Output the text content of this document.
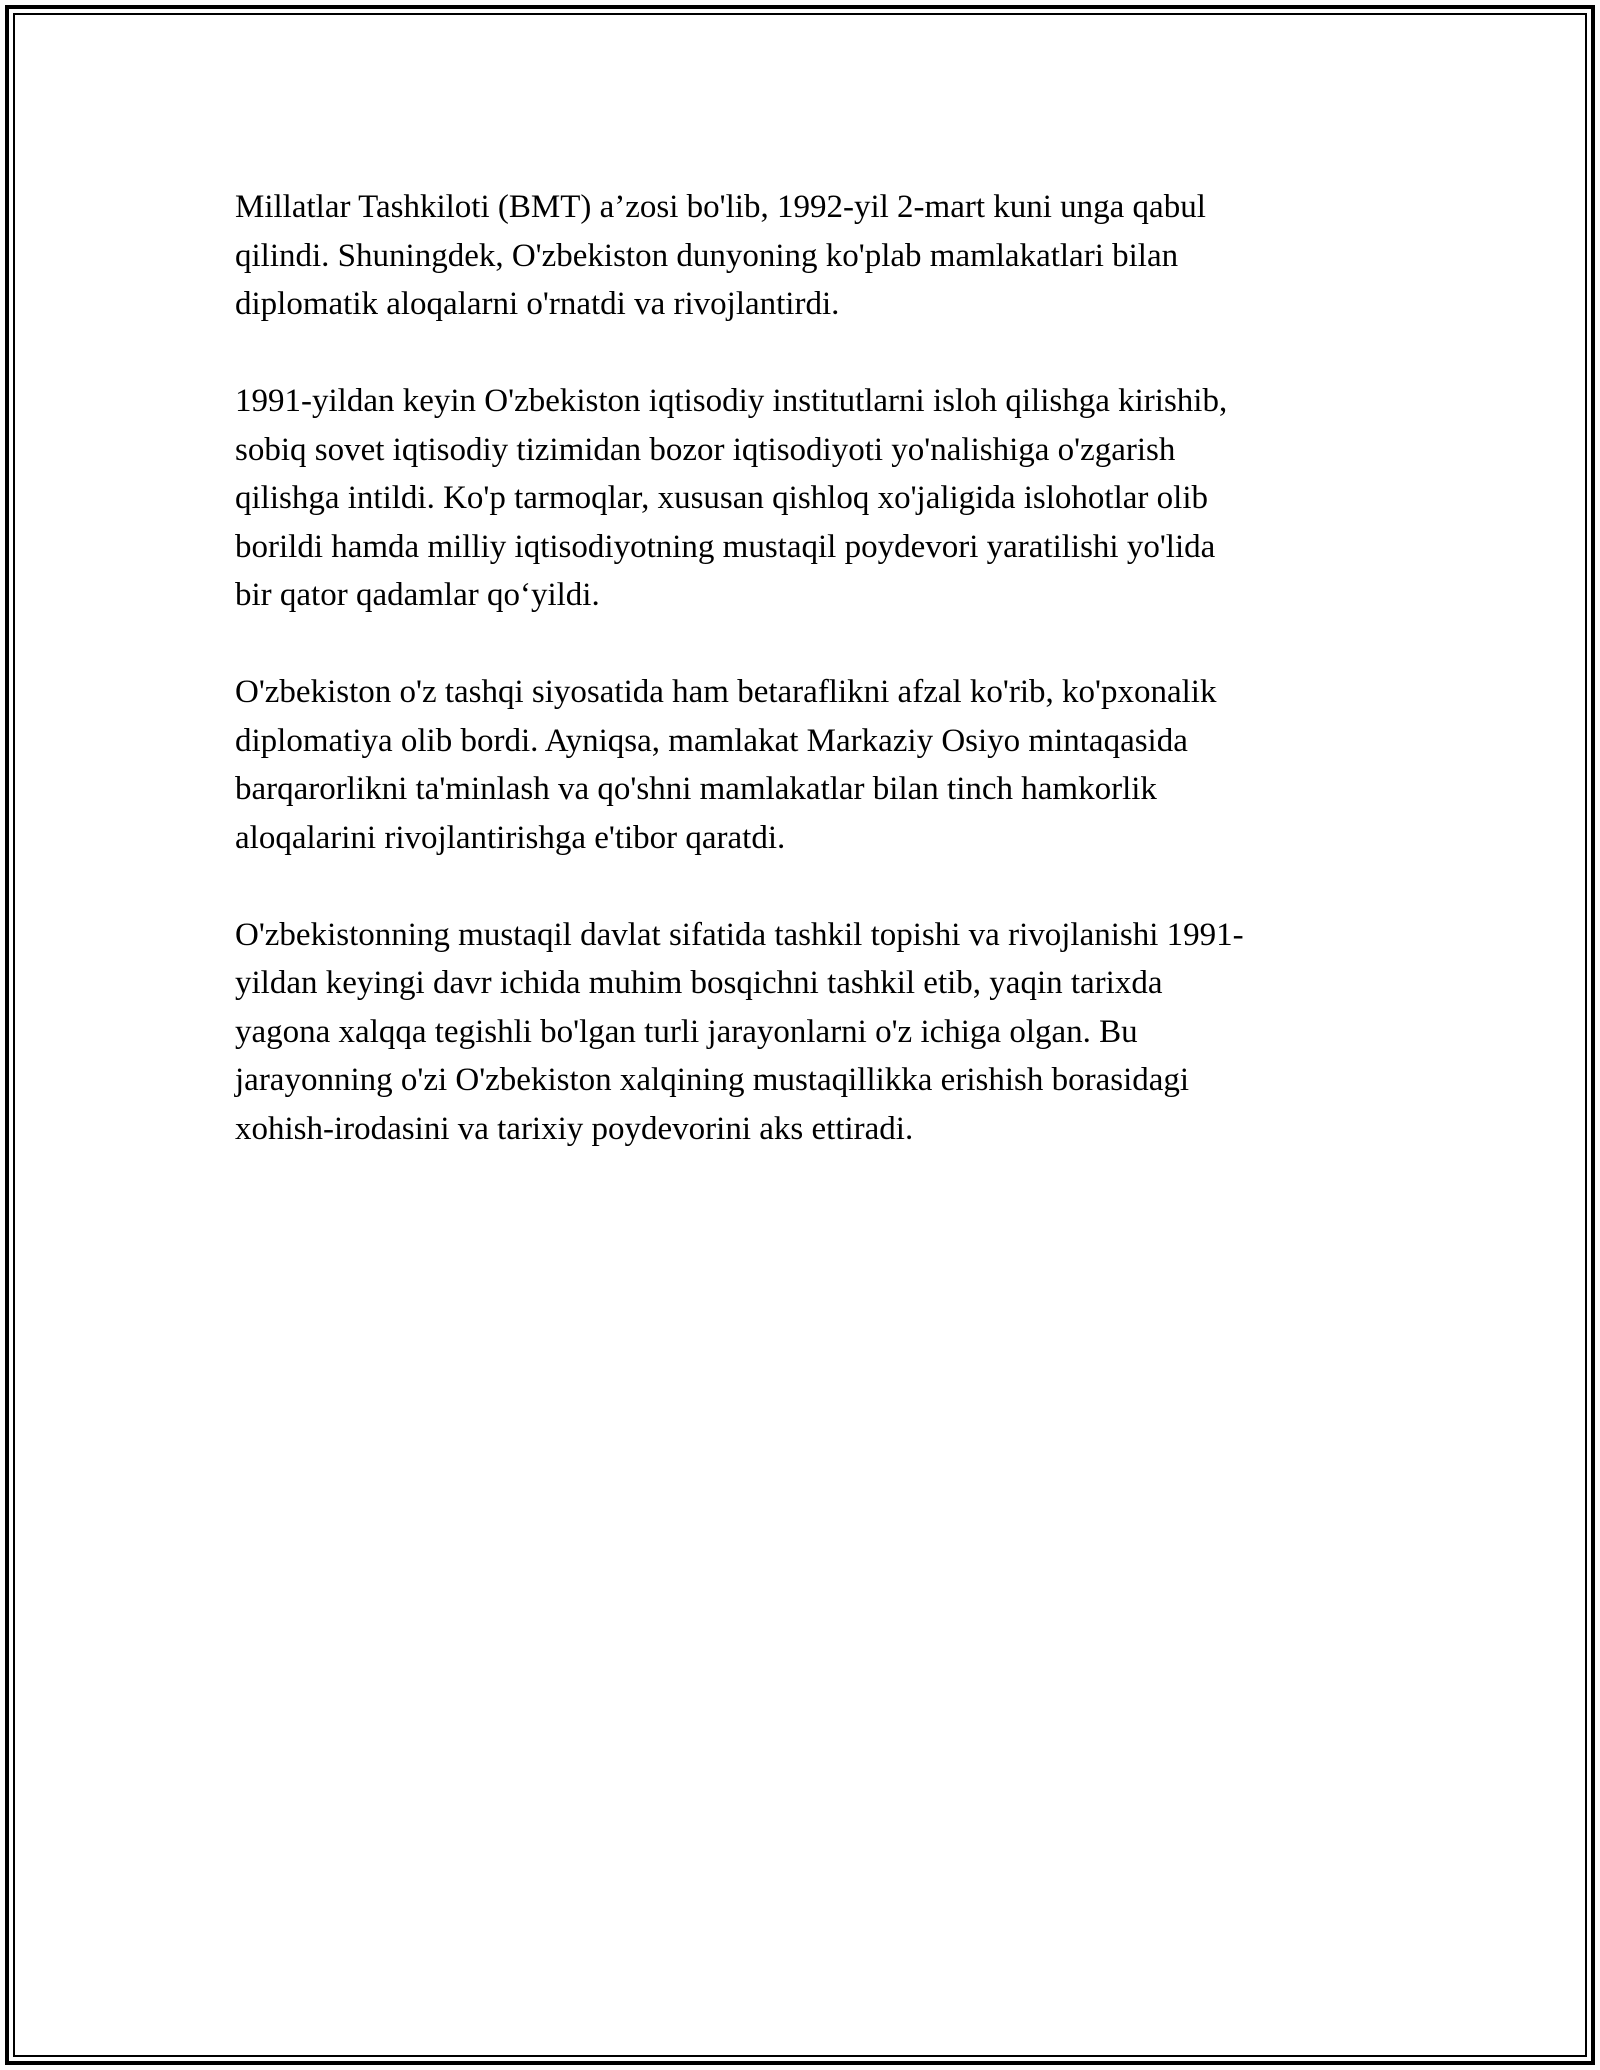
Millatlar Tashkiloti (BMT) a’zosi bo'lib, 1992-yil 2-mart kuni unga qabul
qilindi. Shuningdek, O'zbekiston dunyoning ko'plab mamlakatlari bilan
diplomatik aloqalarni o'rnatdi va rivojlantirdi.

1991-yildan keyin O'zbekiston iqtisodiy institutlarni isloh qilishga kirishib,
sobiq sovet iqtisodiy tizimidan bozor iqtisodiyoti yo'nalishiga o'zgarish
qilishga intildi. Ko'p tarmoqlar, xususan qishloq xo'jaligida islohotlar olib
borildi hamda milliy iqtisodiyotning mustaqil poydevori yaratilishi yo'lida
bir qator qadamlar qo‘yildi.

O'zbekiston o'z tashqi siyosatida ham betaraflikni afzal ko'rib, ko'pxonalik
diplomatiya olib bordi. Ayniqsa, mamlakat Markaziy Osiyo mintaqasida
barqarorlikni ta'minlash va qo'shni mamlakatlar bilan tinch hamkorlik
aloqalarini rivojlantirishga e'tibor qaratdi.

O'zbekistonning mustaqil davlat sifatida tashkil topishi va rivojlanishi 1991-
yildan keyingi davr ichida muhim bosqichni tashkil etib, yaqin tarixda
yagona xalqqa tegishli bo'lgan turli jarayonlarni o'z ichiga olgan. Bu
jarayonning o'zi O'zbekiston xalqining mustaqillikka erishish borasidagi
xohish-irodasini va tarixiy poydevorini aks ettiradi.
